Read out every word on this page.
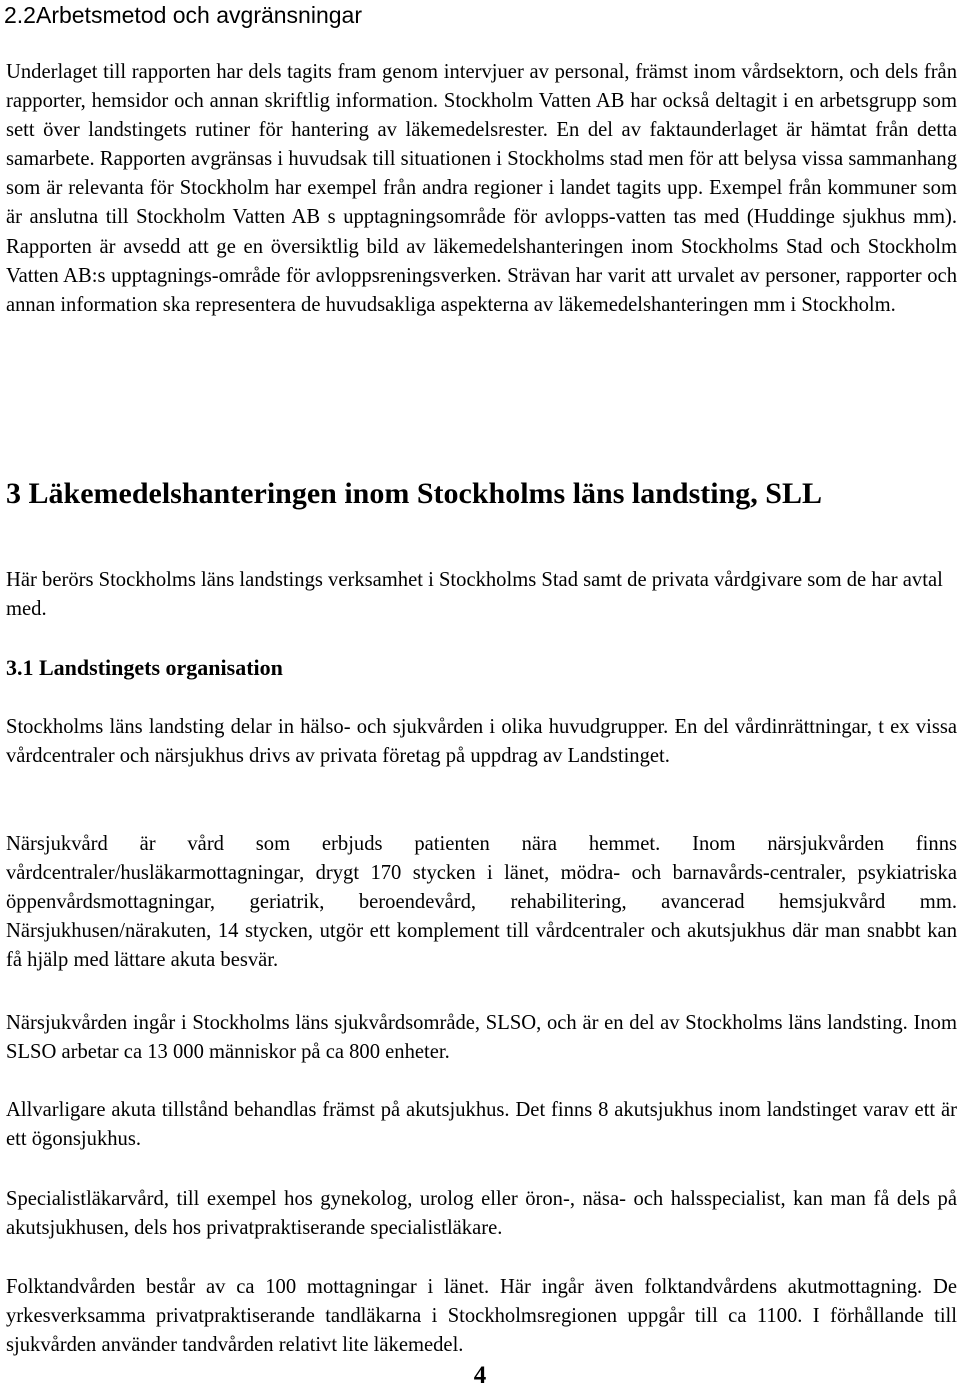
2.2Arbetsmetod och avgränsningar

Underlaget till rapporten har dels tagits fram genom intervjuer av personal, främst inom vårdsektorn, och dels från rapporter, hemsidor och annan skriftlig information. Stockholm Vatten AB har också deltagit i en arbetsgrupp som sett över landstingets rutiner för hantering av läkemedelsrester. En del av faktaunderlaget är hämtat från detta samarbete. Rapporten avgränsas i huvudsak till situationen i Stockholms stad men för att belysa vissa sammanhang som är relevanta för Stockholm har exempel från andra regioner i landet tagits upp. Exempel från kommuner som är anslutna till Stockholm Vatten AB s upptagningsområde för avlopps-vatten tas med (Huddinge sjukhus mm). Rapporten är avsedd att ge en översiktlig bild av läkemedelshanteringen inom Stockholms Stad och Stockholm Vatten AB:s upptagnings-område för avloppsreningsverken. Strävan har varit att urvalet av personer, rapporter och annan information ska representera de huvudsakliga aspekterna av läkemedelshanteringen mm i Stockholm.

3 Läkemedelshanteringen inom Stockholms läns landsting, SLL

Här berörs Stockholms läns landstings verksamhet i Stockholms Stad samt de privata vårdgivare som de har avtal med.

3.1 Landstingets organisation

Stockholms läns landsting delar in hälso- och sjukvården i olika huvudgrupper. En del vårdinrättningar, t ex vissa vårdcentraler och närsjukhus drivs av privata företag på uppdrag av Landstinget.

Närsjukvård är vård som erbjuds patienten nära hemmet. Inom närsjukvården finns vårdcentraler/husläkarmottagningar, drygt 170 stycken i länet, mödra- och barnavårds-centraler, psykiatriska öppenvårdsmottagningar, geriatrik, beroendevård, rehabilitering, avancerad hemsjukvård mm. Närsjukhusen/närakuten, 14 stycken, utgör ett komplement till vårdcentraler och akutsjukhus där man snabbt kan få hjälp med lättare akuta besvär.

Närsjukvården ingår i Stockholms läns sjukvårdsområde, SLSO, och är en del av Stockholms läns landsting. Inom SLSO arbetar ca 13 000 människor på ca 800 enheter.

Allvarligare akuta tillstånd behandlas främst på akutsjukhus. Det finns 8 akutsjukhus inom landstinget varav ett är ett ögonsjukhus.

Specialistläkarvård, till exempel hos gynekolog, urolog eller öron-, näsa- och halsspecialist, kan man få dels på akutsjukhusen, dels hos privatpraktiserande specialistläkare.

Folktandvården består av ca 100 mottagningar i länet. Här ingår även folktandvårdens akutmottagning. De yrkesverksamma privatpraktiserande tandläkarna i Stockholmsregionen uppgår till ca 1100. I förhållande till sjukvården använder tandvården relativt lite läkemedel.

4
